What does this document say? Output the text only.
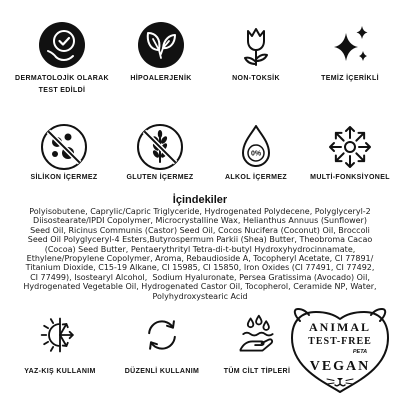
DERMATOLOJİK OLARAK
TEST EDİLDİ
HİPOALERJENİK	NON-TOKSİK	TEMİZ İÇERİKLİ
SİLİKON İÇERMEZ	GLUTEN İÇERMEZ
0%
ALKOL İÇERMEZ	MULTİ-FONKSİYONEL
İçindekiler
Polyisobutene, Caprylic/Capric Triglyceride, Hydrogenated Polydecene, Polyglyceryl-2
Diisostearate/IPDI Copolymer, Microcrystalline Wax, Helianthus Annuus (Sunflower)
Seed Oil, Ricinus Communis (Castor) Seed Oil, Cocos Nucifera (Coconut) Oil, Broccoli
Seed Oil Polyglyceryl-4 Esters,Butyrospermum Parkii (Shea) Butter, Theobroma Cacao
(Cocoa) Seed Butter, Pentaerythrityl Tetra-di-t-butyl Hydroxyhydrocinnamate,
Ethylene/Propylene Copolymer, Aroma, Rebaudioside A, Tocopheryl Acetate, CI 77891/
Titanium Dioxide, C15-19 Alkane, CI 15985, CI 15850, Iron Oxides (CI 77491, CI 77492,
CI 77499), Isostearyl Alcohol,  Sodium Hyaluronate, Persea Gratissima (Avocado) Oil,
Hydrogenated Vegetable Oil, Hydrogenated Castor Oil, Tocopherol, Ceramide NP, Water,
Polyhydroxystearic Acid
YAZ-KIŞ KULLANIM	DÜZENLİ KULLANIM	TÜM CİLT TİPLERİ
ANIMAL
TEST-FREE
PETA
VEGAN
